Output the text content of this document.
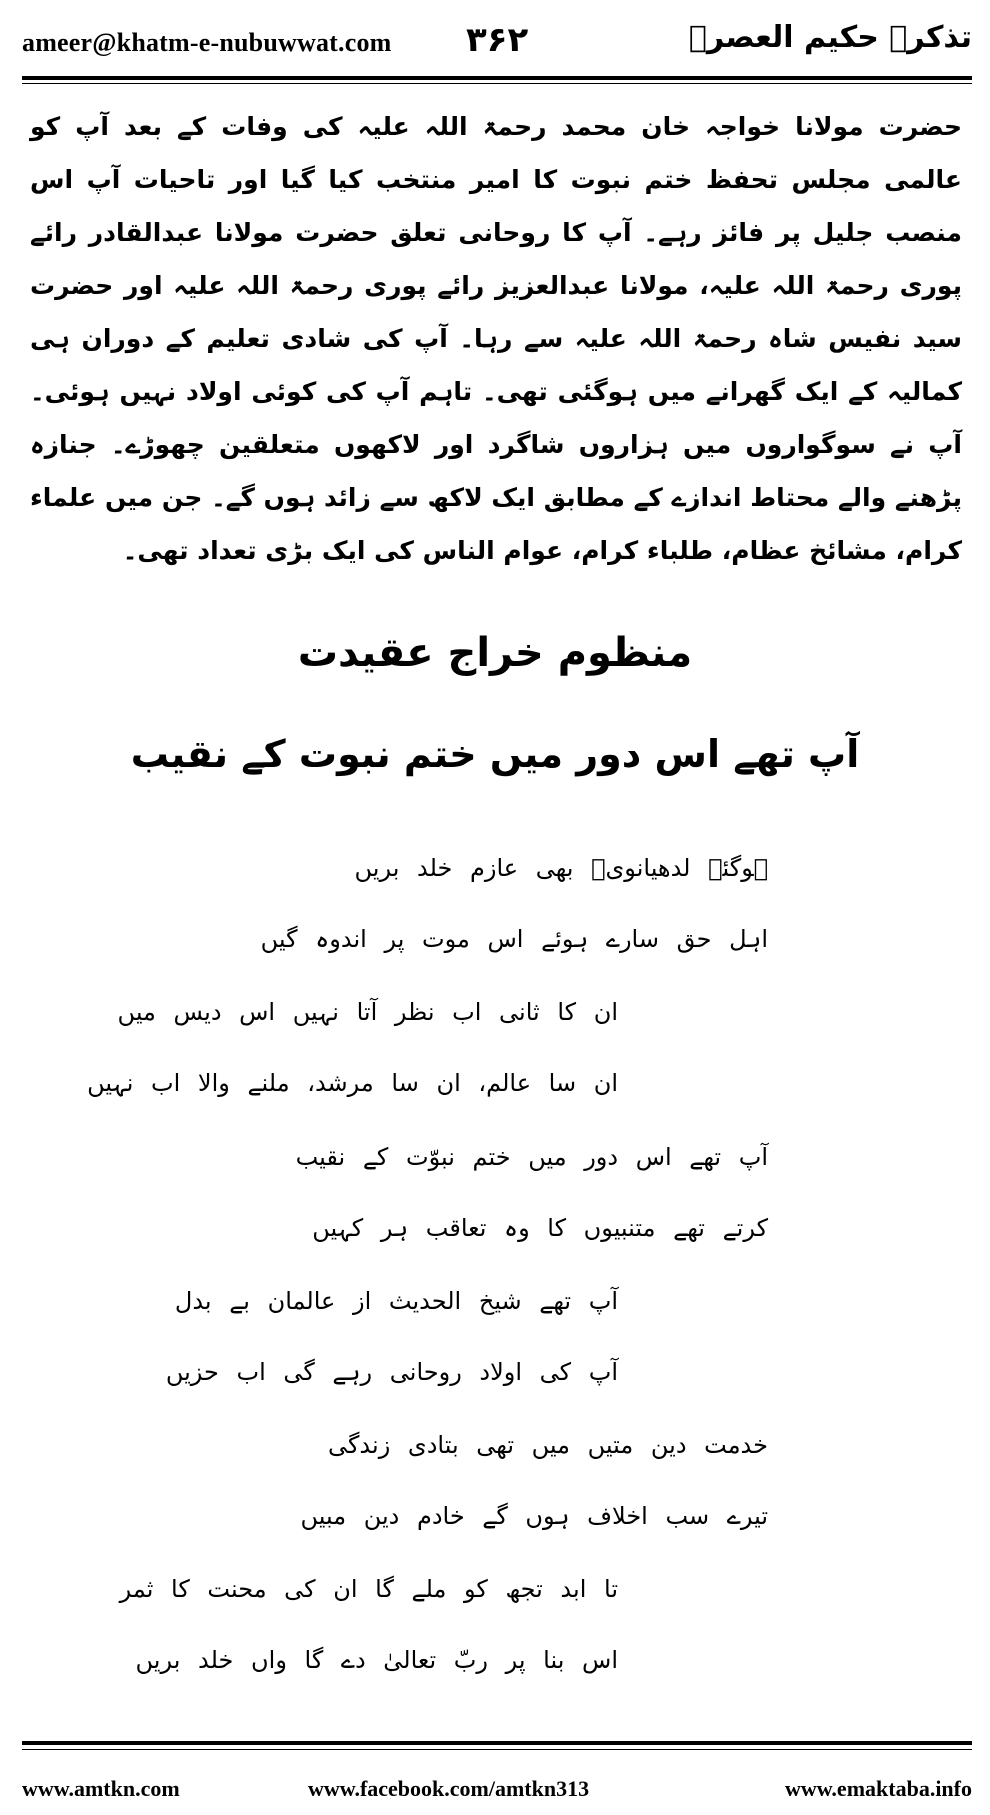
ameer@khatm-e-nubuwwat.com ۳۶۲	تذکرہ حکیم العصرؒ
حضرت مولانا خواجہ خان محمد رحمۃ اللہ علیہ کی وفات کے بعد آپ کو عالمی مجلس تحفظ ختم نبوت کا امیر منتخب کیا گیا اور تاحیات آپ اس منصب جلیل پر فائز رہے۔ آپ کا روحانی تعلق حضرت مولانا عبدالقادر رائے پوری رحمۃ اللہ علیہ، مولانا عبدالعزیز رائے پوری رحمۃ اللہ علیہ اور حضرت سید نفیس شاہ رحمۃ اللہ علیہ سے رہا۔ آپ کی شادی تعلیم کے دوران ہی کمالیہ کے ایک گھرانے میں ہوگئی تھی۔ تاہم آپ کی کوئی اولاد نہیں ہوئی۔ آپ نے سوگواروں میں ہزاروں شاگرد اور لاکھوں متعلقین چھوڑے۔ جنازہ پڑھنے والے محتاط اندازے کے مطابق ایک لاکھ سے زائد ہوں گے۔ جن میں علماء کرام، مشائخ عظام، طلباء کرام، عوام الناس کی ایک بڑی تعداد تھی۔
منظوم خراج عقیدت
آپ تھے اس دور میں ختم نبوت کے نقیب
ہوگئے لدھیانویؒ بھی عازم خلد بریں
اہل حق سارے ہوئے اس موت پر اندوہ گیں
ان کا ثانی اب نظر آتا نہیں اس دیس میں
ان سا عالم، ان سا مرشد، ملنے والا اب نہیں
آپ تھے اس دور میں ختم نبوّت کے نقیب
کرتے تھے متنبیوں کا وہ تعاقب ہر کہیں
آپ تھے شیخ الحدیث از عالمان بے بدل
آپ کی اولاد روحانی رہے گی اب حزیں
خدمت دین متیں میں تھی بتادی زندگی
تیرے سب اخلاف ہوں گے خادم دین مبیں
تا ابد تجھ کو ملے گا ان کی محنت کا ثمر
اس بنا پر ربّ تعالیٰ دے گا واں خلد بریں
www.amtkn.com	www.facebook.com/amtkn313	www.emaktaba.info
